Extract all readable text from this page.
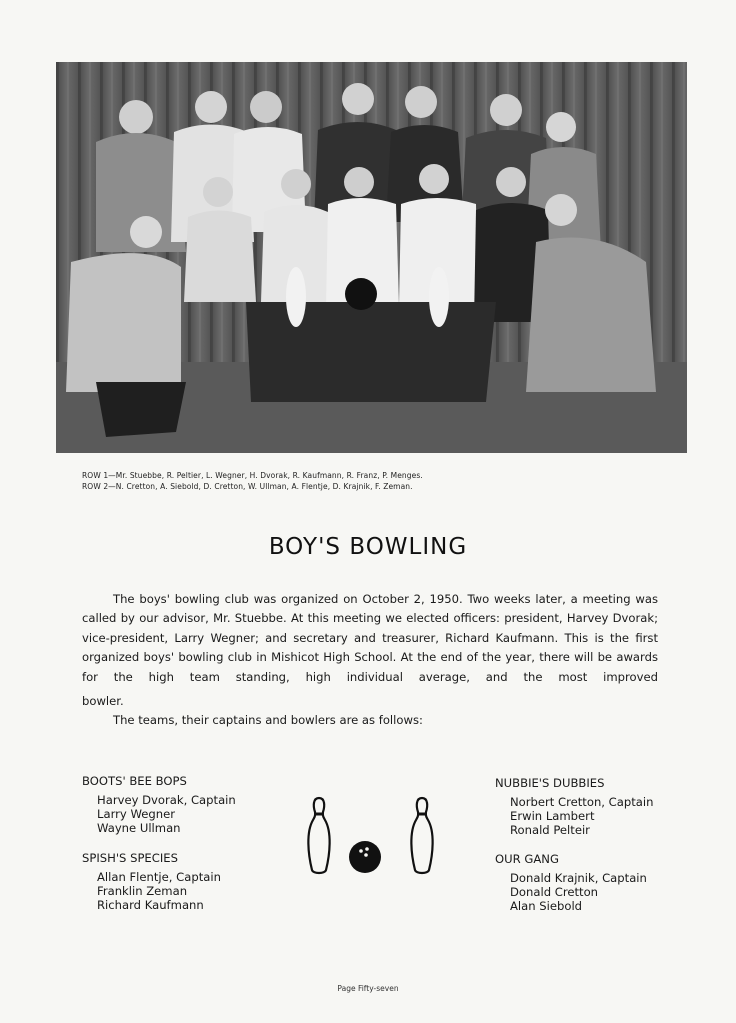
ROW 1—Mr. Stuebbe, R. Peltier, L. Wegner, H. Dvorak, R. Kaufmann, R. Franz, P. Menges.
ROW 2—N. Cretton, A. Siebold, D. Cretton, W. Ullman, A. Flentje, D. Krajnik, F. Zeman.
BOY'S BOWLING
The boys' bowling club was organized on October 2, 1950. Two weeks later, a meeting was called by our advisor, Mr. Stuebbe. At this meeting we elected officers: president, Harvey Dvorak; vice-president, Larry Wegner; and secretary and treasurer, Richard Kaufmann. This is the first organized boys' bowling club in Mishicot High School. At the end of the year, there will be awards for the high team standing, high individual average, and the most improved
bowler.
The teams, their captains and bowlers are as follows:
BOOTS' BEE BOPS
Harvey Dvorak, Captain
Larry Wegner
Wayne Ullman
SPISH'S SPECIES
Allan Flentje, Captain
Franklin Zeman
Richard Kaufmann
NUBBIE'S DUBBIES
Norbert Cretton, Captain
Erwin Lambert
Ronald Pelteir
OUR GANG
Donald Krajnik, Captain
Donald Cretton
Alan Siebold
Page Fifty-seven
